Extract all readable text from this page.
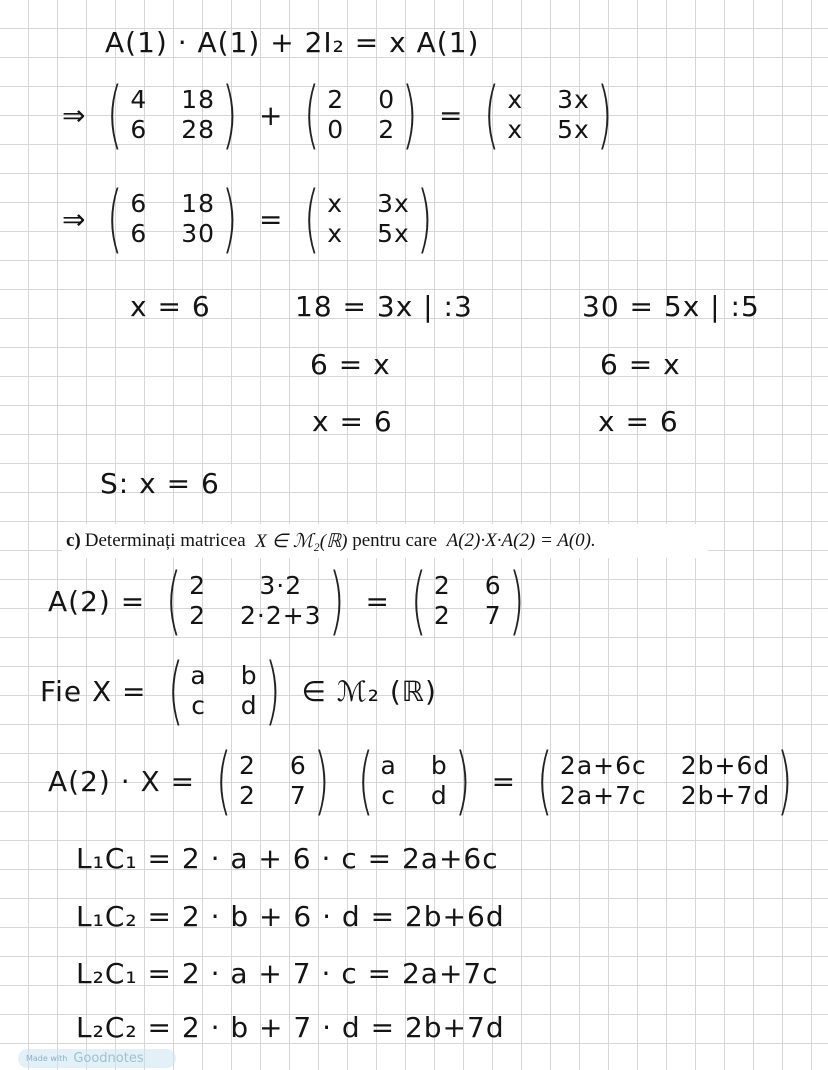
A(1) · A(1) + 2I₂ = x A(1)
⇒ ( 4 18
6 28 ) + ( 2 0
0 2 ) = ( x 3x
x 5x )
⇒ ( 6 18
6 30 ) = ( x 3x
x 5x )
x = 6	18 = 3x | :3
6 = x
x = 6
30 = 5x | :5
6 = x
x = 6
S: x = 6
c) Determinați matricea
X ∈ ℳ₂(ℝ)
pentru care
A(2)·X·A(2) = A(0).
A(2) = ( 2	3·2
2 2·2+3 ) = ( 2 6
2 7 )
Fie X = ( a b
c d ) ∈ ℳ₂ (ℝ)
A(2) · X = ( 2 6
2 7 ) ( a b
c d ) = ( 2a+6c 2b+6d
2a+7c 2b+7d )
L₁C₁ = 2 · a + 6 · c = 2a+6c
L₁C₂ = 2 · b + 6 · d = 2b+6d
L₂C₁ = 2 · a + 7 · c = 2a+7c
L₂C₂ = 2 · b + 7 · d = 2b+7d
Made with Goodnotes
